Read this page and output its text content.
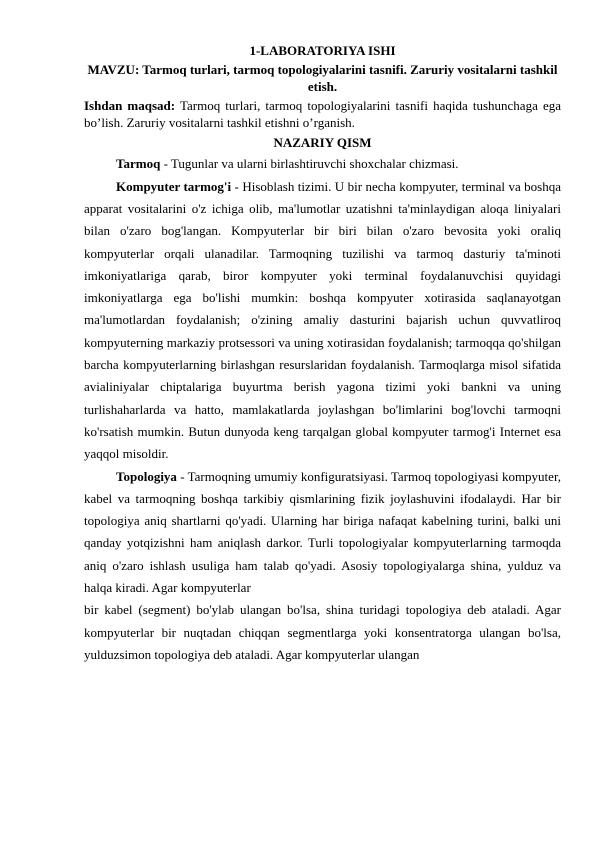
1-LABORATORIYA ISHI
MAVZU: Tarmoq turlari, tarmoq topologiyalarini tasnifi. Zaruriy vositalarni tashkil etish.
Ishdan maqsad: Tarmoq turlari, tarmoq topologiyalarini tasnifi haqida tushunchaga ega bo’lish. Zaruriy vositalarni tashkil etishni o’rganish.
NAZARIY QISM

Tarmoq - Tugunlar va ularni birlashtiruvchi shoxchalar chizmasi.

Kompyuter tarmog'i - Hisoblash tizimi. U bir necha kompyuter, terminal va boshqa apparat vositalarini o'z ichiga olib, ma'lumotlar uzatishni ta'minlaydigan aloqa liniyalari bilan o'zaro bog'langan. Kompyuterlar bir biri bilan o'zaro bevosita yoki oraliq kompyuterlar orqali ulanadilar. Tarmoqning tuzilishi va tarmoq dasturiy ta'minoti imkoniyatlariga qarab, biror kompyuter yoki terminal foydalanuvchisi quyidagi imkoniyatlarga ega bo'lishi mumkin: boshqa kompyuter xotirasida saqlanayotgan ma'lumotlardan foydalanish; o'zining amaliy dasturini bajarish uchun quvvatliroq kompyuterning markaziy protsessori va uning xotirasidan foydalanish; tarmoqqa qo'shilgan barcha kompyuterlarning birlashgan resurslaridan foydalanish. Tarmoqlarga misol sifatida avialiniyalar chiptalariga buyurtma berish yagona tizimi yoki bankni va uning turlishaharlarda va hatto, mamlakatlarda joylashgan bo'limlarini bog'lovchi tarmoqni ko'rsatish mumkin. Butun dunyoda keng tarqalgan global kompyuter tarmog'i Internet esa yaqqol misoldir.

Topologiya - Tarmoqning umumiy konfiguratsiyasi. Tarmoq topologiyasi kompyuter, kabel va tarmoqning boshqa tarkibiy qismlarining fizik joylashuvini ifodalaydi. Har bir topologiya aniq shartlarni qo'yadi. Ularning har biriga nafaqat kabelning turini, balki uni qanday yotqizishni ham aniqlash darkor. Turli topologiyalar kompyuterlarning tarmoqda aniq o'zaro ishlash usuliga ham talab qo'yadi. Asosiy topologiyalarga shina, yulduz va halqa kiradi. Agar kompyuterlar

bir kabel (segment) bo'ylab ulangan bo'lsa, shina turidagi topologiya deb ataladi. Agar kompyuterlar bir nuqtadan chiqqan segmentlarga yoki konsentratorga ulangan bo'lsa, yulduzsimon topologiya deb ataladi. Agar kompyuterlar ulangan
